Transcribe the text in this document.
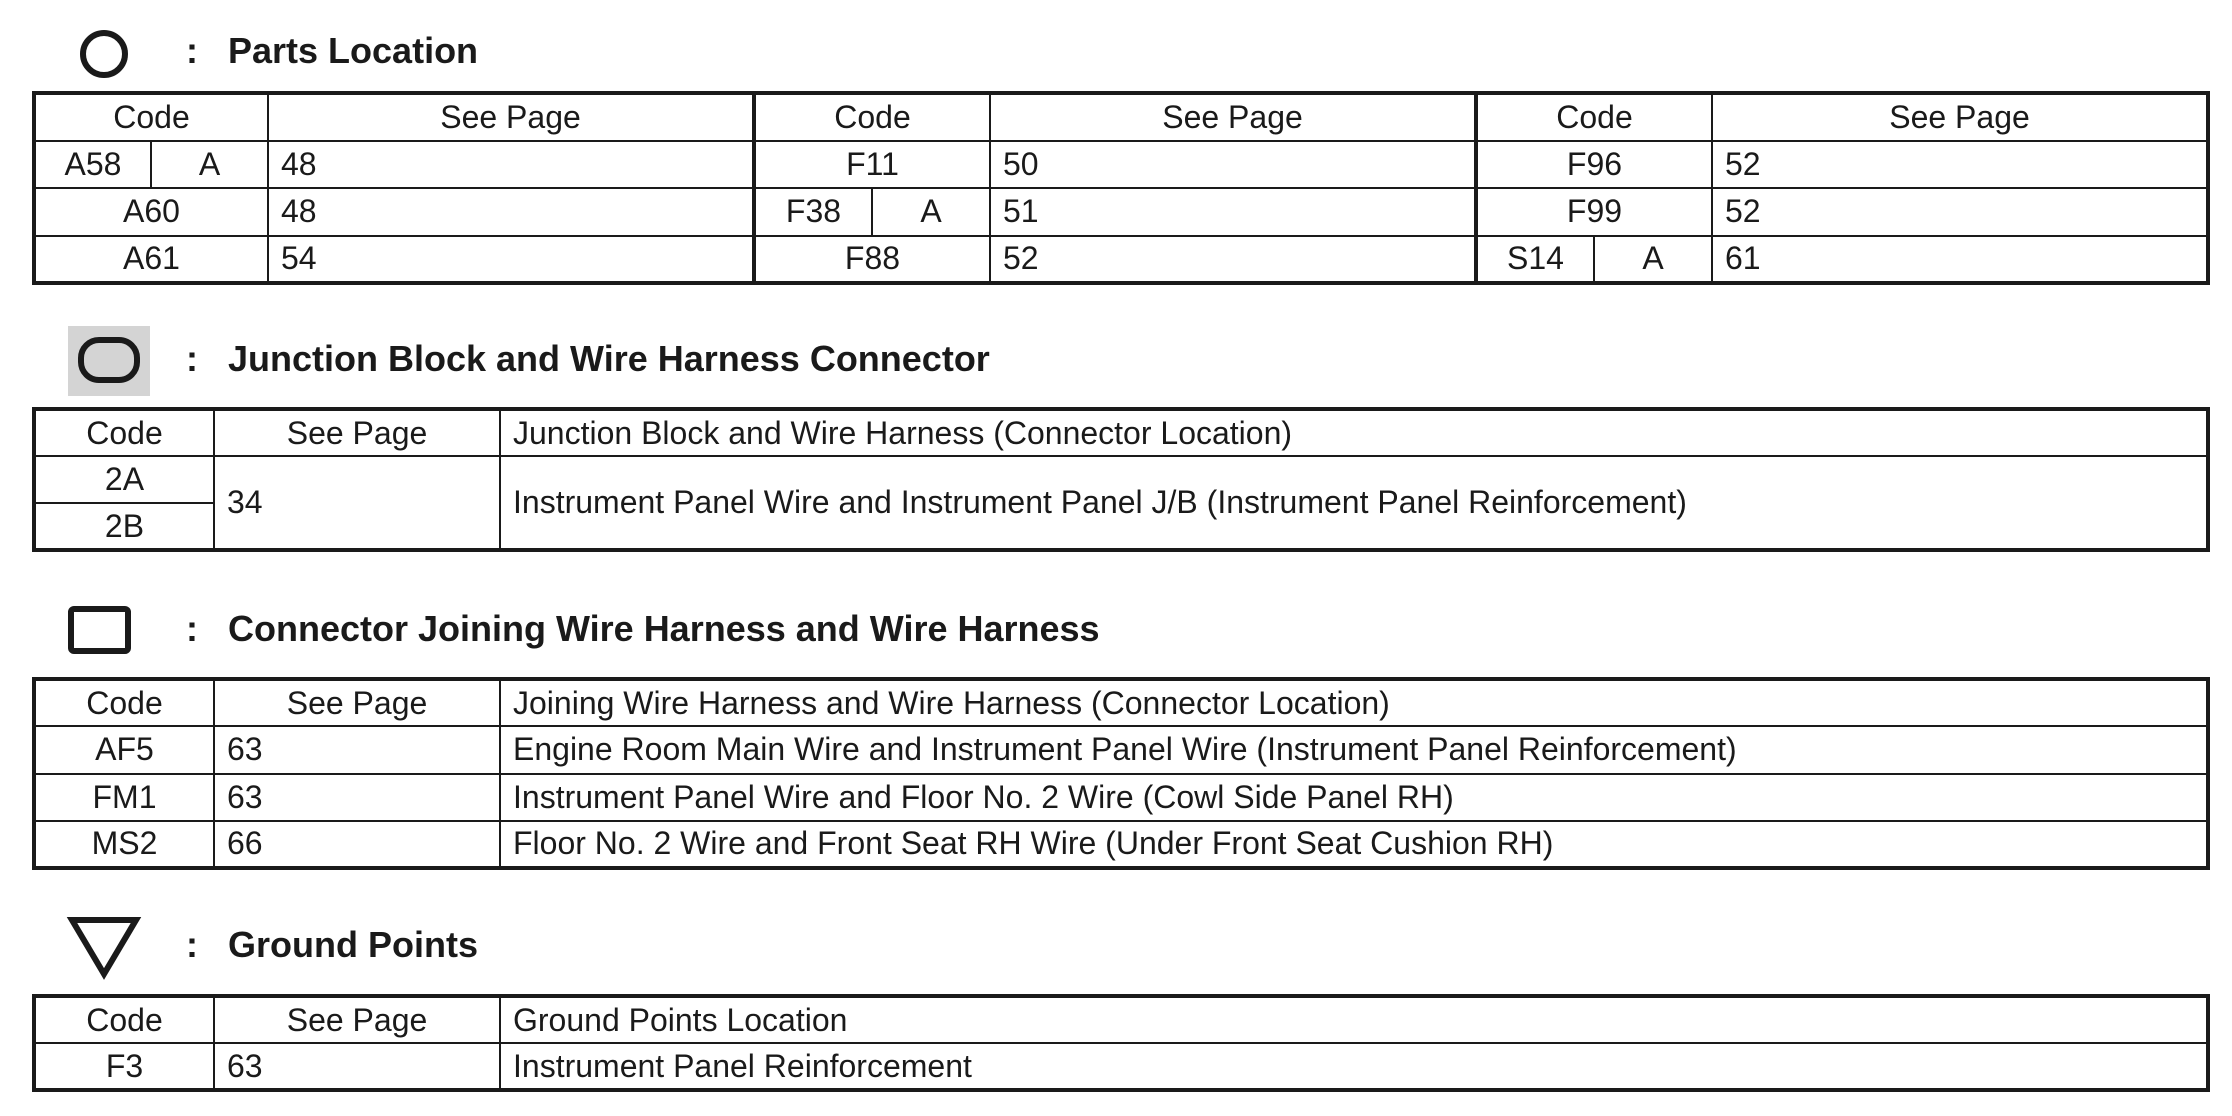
: Parts Location
Code		See Page	Code		See Page	Code		See Page
A58	A	48	F11		50	F96		52
A60		48	F38	A	51	F99		52
A61		54	F88		52	S14	A	61
: Junction Block and Wire Harness Connector
Code	See Page	Junction Block and Wire Harness (Connector Location)
2A	34	Instrument Panel Wire and Instrument Panel J/B (Instrument Panel Reinforcement)
2B		
: Connector Joining Wire Harness and Wire Harness
Code	See Page	Joining Wire Harness and Wire Harness (Connector Location)
AF5	63	Engine Room Main Wire and Instrument Panel Wire (Instrument Panel Reinforcement)
FM1	63	Instrument Panel Wire and Floor No. 2 Wire (Cowl Side Panel RH)
MS2	66	Floor No. 2 Wire and Front Seat RH Wire (Under Front Seat Cushion RH)
: Ground Points
Code	See Page	Ground Points Location
F3	63	Instrument Panel Reinforcement
